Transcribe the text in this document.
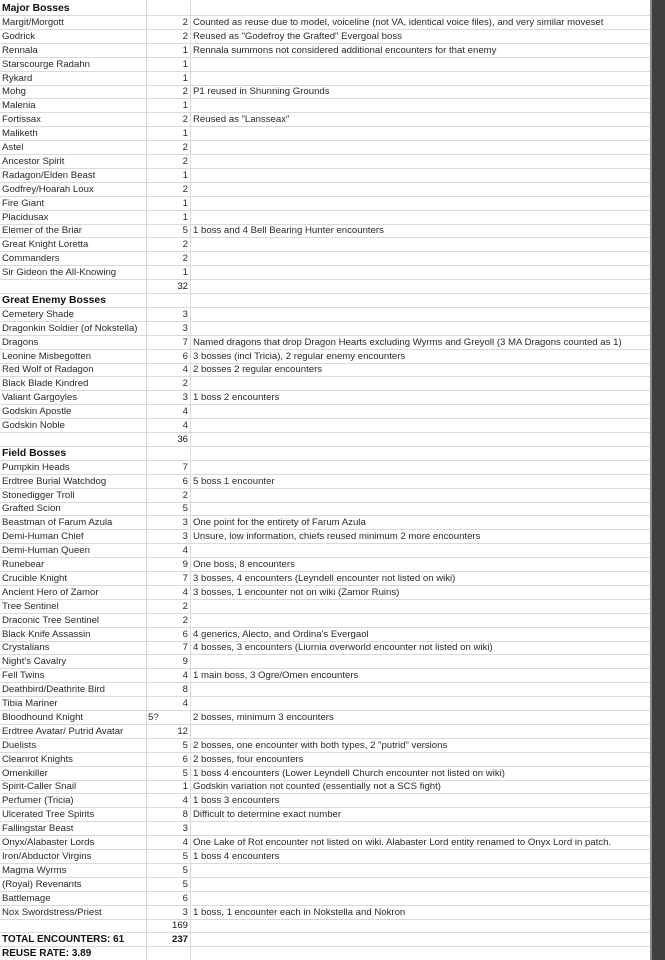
Major Bosses
Margit/Morgott	2 Counted as reuse due to model, voiceline (not VA, identical voice files), and very similar moveset
Godrick	2 Reused as "Godefroy the Grafted" Evergoal boss
Rennala	1 Rennala summons not considered additional encounters for that enemy
Starscourge Radahn	1
Rykard	1
Mohg	2 P1 reused in Shunning Grounds
Malenia	1
Fortissax	2 Reused as "Lansseax"
Maliketh	1
Astel	2
Ancestor Spirit	2
Radagon/Elden Beast	1
Godfrey/Hoarah Loux	2
Fire Giant	1
Placidusax	1
Elemer of the Briar	5 1 boss and 4 Bell Bearing Hunter encounters
Great Knight Loretta	2
Commanders	2
Sir Gideon the All-Knowing	1
32
Great Enemy Bosses
Cemetery Shade	3
Dragonkin Soldier (of Nokstella)	3
Dragons	7 Named dragons that drop Dragon Hearts excluding Wyrms and Greyoll (3 MA Dragons counted as 1)
Leonine Misbegotten	6 3 bosses (incl Tricia), 2 regular enemy encounters
Red Wolf of Radagon	4 2 bosses 2 regular encounters
Black Blade Kindred	2
Valiant Gargoyles	3 1 boss 2 encounters
Godskin Apostle	4
Godskin Noble	4
36
Field Bosses
Pumpkin Heads	7
Erdtree Burial Watchdog	6 5 boss 1 encounter
Stonedigger Troll	2
Grafted Scion	5
Beastman of Farum Azula	3 One point for the entirety of Farum Azula
Demi-Human Chief	3 Unsure, low information, chiefs reused minimum 2 more encounters
Demi-Human Queen	4
Runebear	9 One boss, 8 encounters
Crucible Knight	7 3 bosses, 4 encounters (Leyndell encounter not listed on wiki)
Ancient Hero of Zamor	4 3 bosses, 1 encounter not on wiki (Zamor Ruins)
Tree Sentinel	2
Draconic Tree Sentinel	2
Black Knife Assassin	6 4 generics, Alecto, and Ordina's Evergaol
Crystalians	7 4 bosses, 3 encounters (Liurnia overworld encounter not listed on wiki)
Night's Cavalry	9
Fell Twins	4 1 main boss, 3 Ogre/Omen encounters
Deathbird/Deathrite Bird	8
Tibia Mariner	4
Bloodhound Knight	5?	2 bosses, minimum 3 encounters
Erdtree Avatar/ Putrid Avatar	12
Duelists	5 2 bosses, one encounter with both types, 2 "putrid" versions
Cleanrot Knights	6 2 bosses, four encounters
Omenkiller	5 1 boss 4 encounters (Lower Leyndell Church encounter not listed on wiki)
Spirit-Caller Snail	1 Godskin variation not counted (essentially not a SCS fight)
Perfumer (Tricia)	4 1 boss 3 encounters
Ulcerated Tree Spirits	8 Difficult to determine exact number
Fallingstar Beast	3
Onyx/Alabaster Lords	4 One Lake of Rot encounter not listed on wiki. Alabaster Lord entity renamed to Onyx Lord in patch.
Iron/Abductor Virgins	5 1 boss 4 encounters
Magma Wyrms	5
(Royal) Revenants	5
Battlemage	6
Nox Swordstress/Priest	3 1 boss, 1 encounter each in Nokstella and Nokron
169
TOTAL ENCOUNTERS: 61	237
REUSE RATE: 3.89
